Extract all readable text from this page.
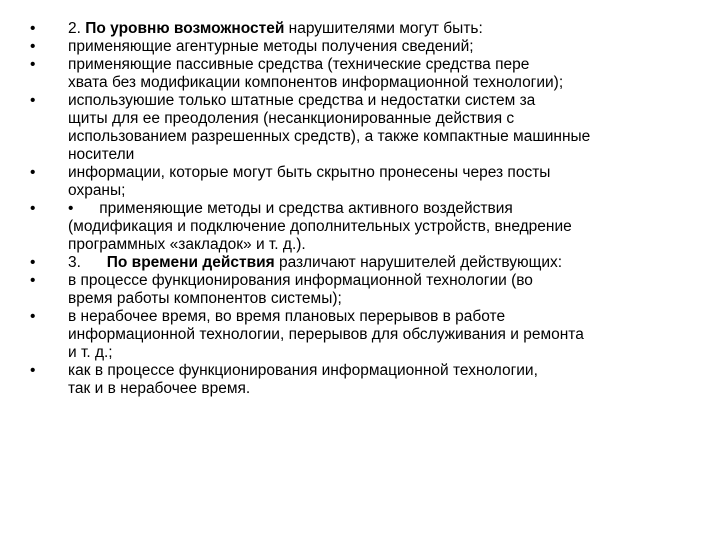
•	2. По уровню возможностей нарушителями могут быть:
•	применяющие агентурные методы получения сведений;
•	применяющие пассивные средства (технические средства пере
хвата без модификации компонентов информационной технологии);
•	используюшие только штатные средства и недостатки систем за
щиты для ее преодоления (несанкционированные действия с
использованием разрешенных средств), а также компактные машинные
носители
•	информации, которые могут быть скрытно пронесены через посты
охраны;
•	•      применяющие методы и средства активного воздействия
(модификация и подключение дополнительных устройств, внедрение
программных «закладок» и т. д.).
•	3.      По времени действия различают нарушителей действующих:
•	в процессе функционирования информационной технологии (во
время работы компонентов системы);
•	в нерабочее время, во время плановых перерывов в работе
информационной технологии, перерывов для обслуживания и ремонта
и т. д.;
•	как в процессе функционирования информационной технологии,
так и в нерабочее время.
